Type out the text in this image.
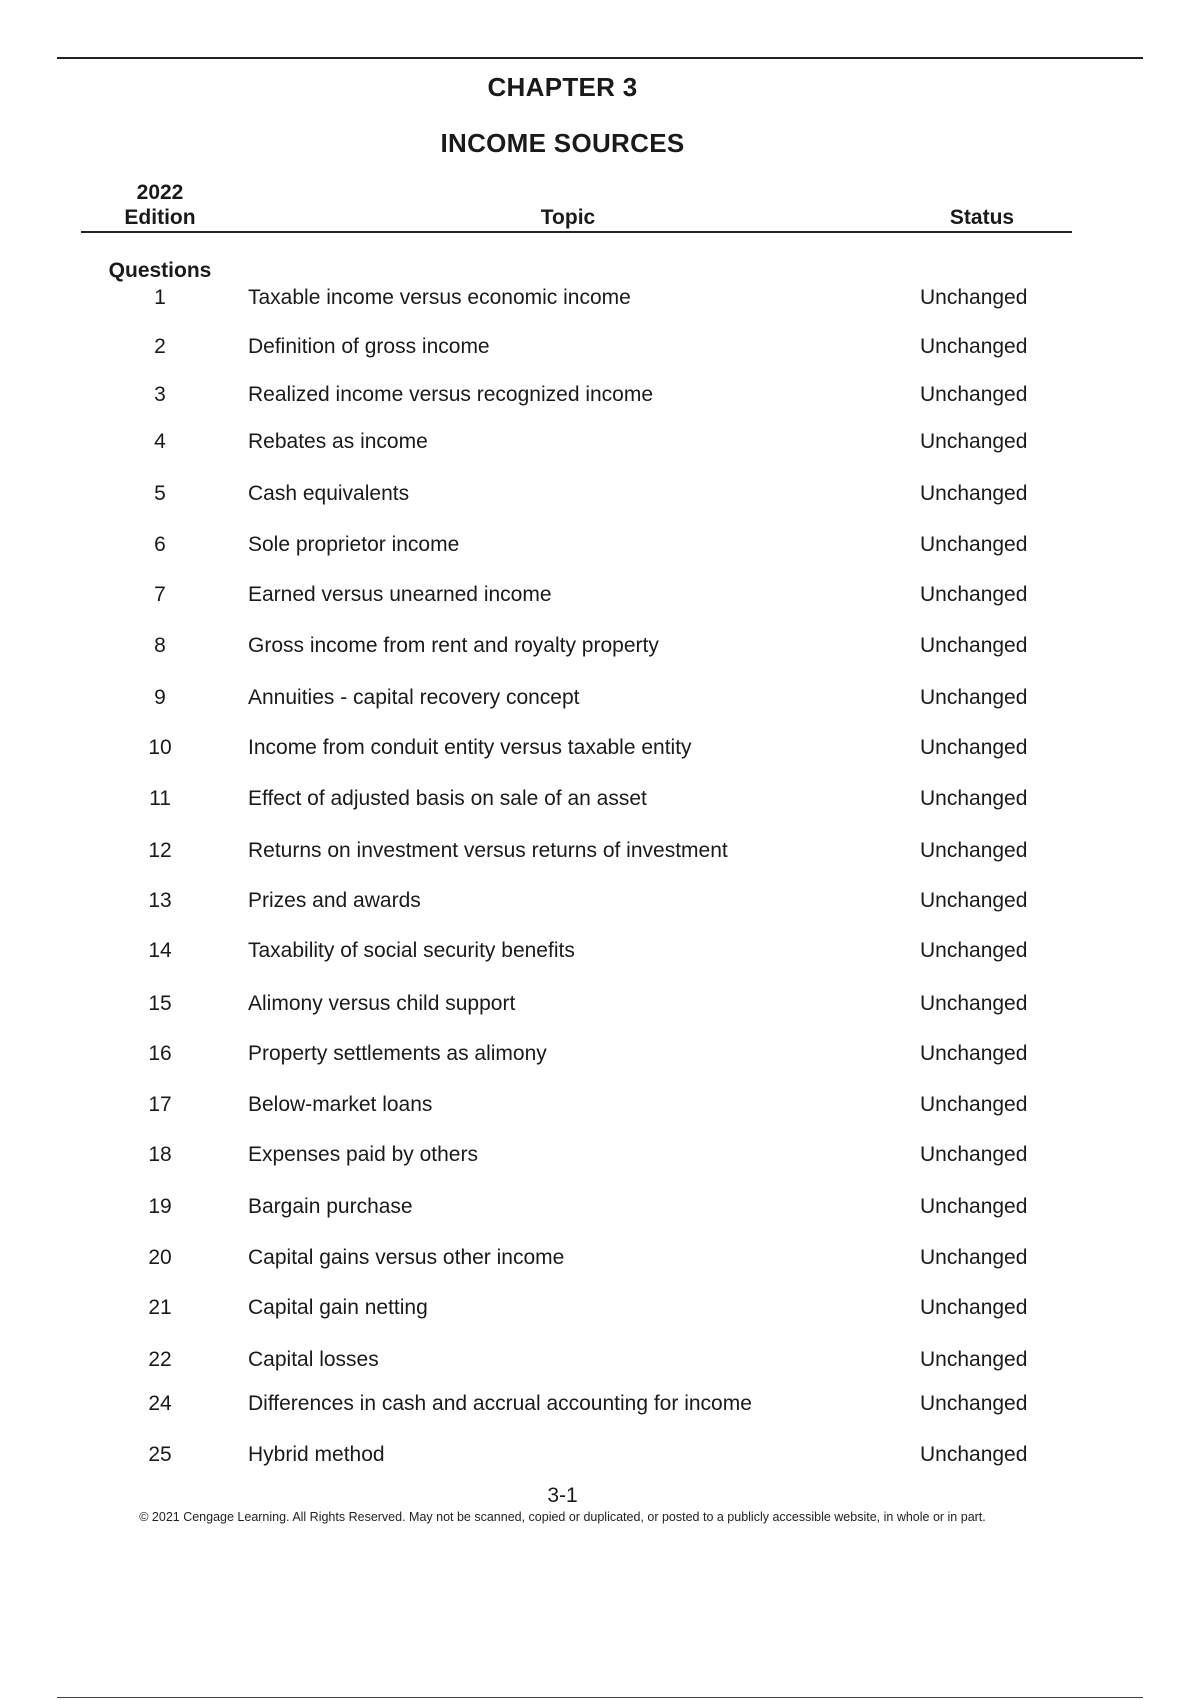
CHAPTER 3
INCOME SOURCES
2022
Edition	Topic	Status
Questions
1	Taxable income versus economic income	Unchanged
2	Definition of gross income	Unchanged
3	Realized income versus recognized income	Unchanged
4	Rebates as income	Unchanged
5	Cash equivalents	Unchanged
6	Sole proprietor income	Unchanged
7	Earned versus unearned income	Unchanged
8	Gross income from rent and royalty property	Unchanged
9	Annuities - capital recovery concept	Unchanged
10	Income from conduit entity versus taxable entity	Unchanged
11	Effect of adjusted basis on sale of an asset	Unchanged
12	Returns on investment versus returns of investment	Unchanged
13	Prizes and awards	Unchanged
14	Taxability of social security benefits	Unchanged
15	Alimony versus child support	Unchanged
16	Property settlements as alimony	Unchanged
17	Below-market loans	Unchanged
18	Expenses paid by others	Unchanged
19	Bargain purchase	Unchanged
20	Capital gains versus other income	Unchanged
21	Capital gain netting	Unchanged
22	Capital losses	Unchanged
24	Differences in cash and accrual accounting for income	Unchanged
25	Hybrid method	Unchanged
3-1
© 2021 Cengage Learning. All Rights Reserved. May not be scanned, copied or duplicated, or posted to a publicly accessible website, in whole or in part.
